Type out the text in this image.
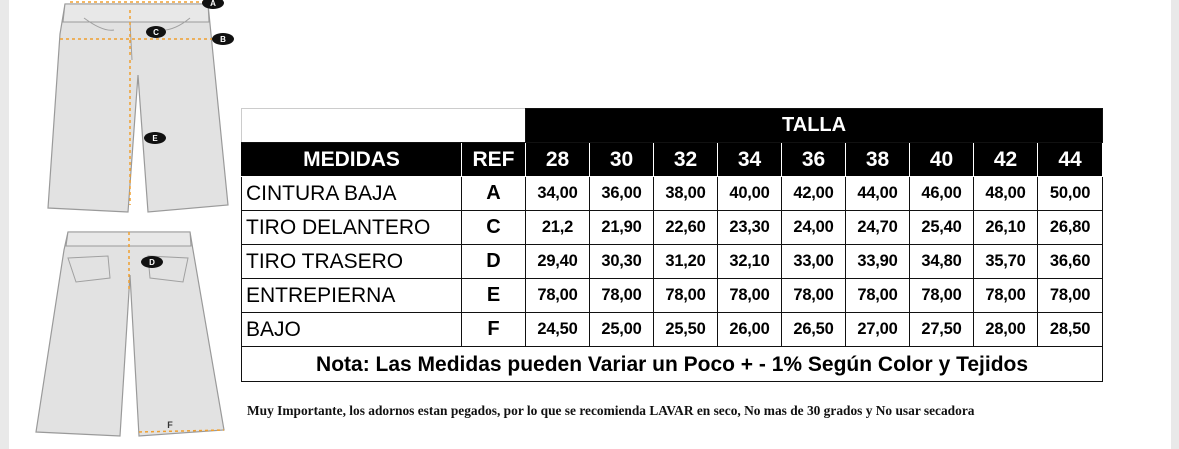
A
B
C
E
D
F
		TALLA								
MEDIDAS	REF	28	30	32	34	36	38	40	42	44
CINTURA BAJA	A	34,00	36,00	38,00	40,00	42,00	44,00	46,00	48,00	50,00
TIRO DELANTERO	C	21,2	21,90	22,60	23,30	24,00	24,70	25,40	26,10	26,80
TIRO TRASERO	D	29,40	30,30	31,20	32,10	33,00	33,90	34,80	35,70	36,60
ENTREPIERNA	E	78,00	78,00	78,00	78,00	78,00	78,00	78,00	78,00	78,00
BAJO	F	24,50	25,00	25,50	26,00	26,50	27,00	27,50	28,00	28,50
Nota: Las Medidas pueden Variar un Poco + - 1% Según Color y Tejidos										
Muy Importante, los adornos estan pegados, por lo que se recomienda LAVAR en seco, No mas de 30 grados y No usar secadora
